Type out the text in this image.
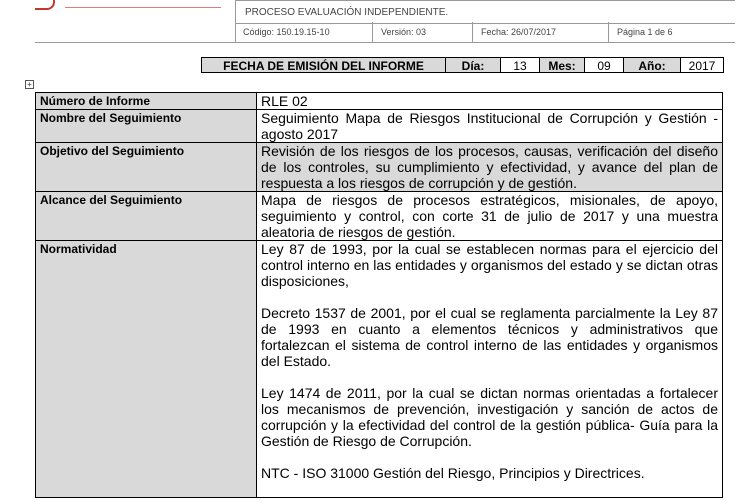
PROCESO EVALUACIÓN INDEPENDIENTE.
Código: 150.19.15-10	Versión: 03	Fecha: 26/07/2017	Página 1 de 6
FECHA DE EMISIÓN DEL INFORME	Día:	13	Mes:	09	Año:	2017
+
Número de Informe	RLE 02
Nombre del Seguimiento	Seguimiento Mapa de Riesgos Institucional de Corrupción y Gestión - agosto 2017
Objetivo del Seguimiento	Revisión de los riesgos de los procesos, causas, verificación del diseño de los controles, su cumplimiento y efectividad, y avance del plan de respuesta a los riesgos de corrupción y de gestión.
Alcance del Seguimiento	Mapa de riesgos de procesos estratégicos, misionales, de apoyo, seguimiento y control, con corte 31 de julio de 2017 y una muestra aleatoria de riesgos de gestión.
Normatividad	Ley 87 de 1993, por la cual se establecen normas para el ejercicio del control interno en las entidades y organismos del estado y se dictan otras disposiciones,

Decreto 1537 de 2001, por el cual se reglamenta parcialmente la Ley 87 de 1993 en cuanto a elementos técnicos y administrativos que fortalezcan el sistema de control interno de las entidades y organismos del Estado.

Ley 1474 de 2011, por la cual se dictan normas orientadas a fortalecer los mecanismos de prevención, investigación y sanción de actos de corrupción y la efectividad del control de la gestión pública- Guía para la Gestión de Riesgo de Corrupción.

NTC - ISO 31000 Gestión del Riesgo, Principios y Directrices.
